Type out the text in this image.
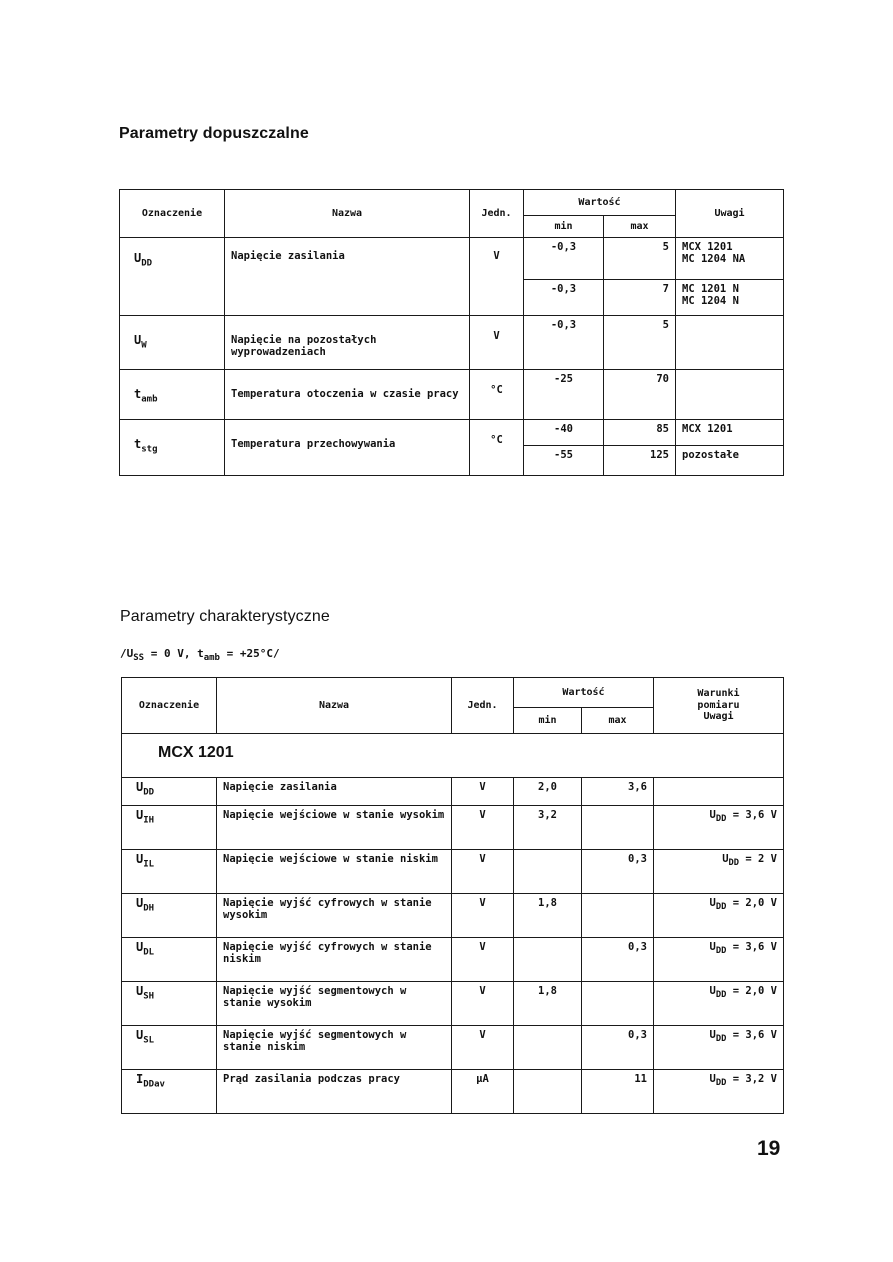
Parametry dopuszczalne
Oznaczenie	Nazwa	Jedn.	Wartość		Uwagi
			min	max	
$U_{DD}$	Napięcie zasilania	V	-0,3	5	MCX 1201
MC 1204 NA

			-0,3	7	MC 1201 N
MC 1204 N

$U_W$	Napięcie na pozostałych wyprowadzeniach	V	-0,3	5	

$t_{amb}$	Temperatura otoczenia w czasie pracy	°C	-25	70	

$t_{stg}$	Temperatura przechowywania	°C	-40	85	MCX 1201

			-55	125	pozostałe
Parametry charakterystyczne
$/U_{SS} = 0$ V, $t_{amb} = +25^\circ C/$
Oznaczenie	Nazwa	Jedn.	Wartość		Warunki
pomiaru
Uwagi

			min	max	
MCX 1201					
$U_{DD}$	Napięcie zasilania	V	2,0	3,6	
$U_{IH}$	Napięcie wejściowe w stanie wysokim	V	3,2		$U_{DD} = 3,6$ V
$U_{IL}$	Napięcie wejściowe w stanie niskim	V		0,3	$U_{DD} = 2$ V
$U_{DH}$	Napięcie wyjść cyfrowych w stanie wysokim	V	1,8		$U_{DD} = 2,0$ V
$U_{DL}$	Napięcie wyjść cyfrowych w stanie niskim	V		0,3	$U_{DD} = 3,6$ V
$U_{SH}$	Napięcie wyjść segmentowych w stanie wysokim	V	1,8		$U_{DD} = 2,0$ V
$U_{SL}$	Napięcie wyjść segmentowych w stanie niskim	V		0,3	$U_{DD} = 3,6$ V
$I_{DDav}$	Prąd zasilania podczas pracy	µA		11	$U_{DD} = 3,2$ V
19
